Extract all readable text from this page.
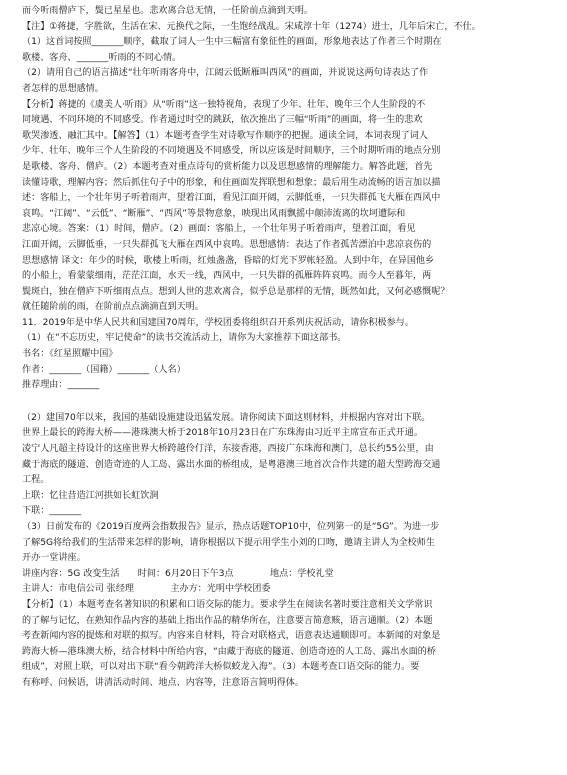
而今听雨僧庐下，鬓已星星也。悲欢离合总无情，一任阶前点滴到天明。

【注】①蒋捷，字胜欲，生活在宋、元换代之际，一生饱经战乱。宋咸淳十年（1274）进士，几年后宋亡，不仕。

（1）这首词按照_______顺序，截取了词人一生中三幅富有象征性的画面，形象地表达了作者三个时期在

歌楼、客舟、_______听雨的不同心情。

（2）请用自己的语言描述“壮年听雨客舟中，江阔云低断雁叫西风”的画面，并说说这两句诗表达了作

者怎样的思想感情。

【分析】蒋捷的《虞美人·听雨》从“听雨”这一独特视角，表现了少年、壮年、晚年三个人生阶段的不

同境遇、不同环境的不同感受。作者通过时空的跳跃，依次推出了三幅“听雨”的画面，将一生的悲欢

歌哭渗透、融汇其中。【解答】（1）本题考查学生对诗歌写作顺序的把握。通读全词，本词表现了词人

少年、壮年、晚年三个人生阶段的不同境遇及不同感受，所以应该是时间顺序，三个时期听雨的地点分别

是歌楼、客舟、僧庐。（2）本题考查对重点诗句的赏析能力以及思想感情的理解能力。解答此题，首先

读懂诗歌，理解内容；然后抓住句子中的形象，和住画面发挥联想和想象；最后用生动流畅的语言加以描

述：客船上，一个壮年男子听着雨声，望着江面，看见江面开阔，云脚低垂，一只失群孤飞大雁在西风中

哀鸣。“江阔”、“云低”、“断雁”、“西风”等景物意象，映现出风雨飘摇中颠沛流离的坎坷遭际和

悲凉心境。答案：（1）时间，僧庐。（2）画面：客船上，一个壮年男子听着雨声，望着江面，看见

江面开阔，云脚低垂，一只失群孤飞大雁在西风中哀鸣。思想感情：表达了作者孤苦漂泊中悲凉哀伤的

思想感情 译文：年少的时候，歌楼上听雨，红烛盏盏，昏暗的灯光下罗帐轻盈。人到中年，在异国他乡

的小船上，看蒙蒙细雨，茫茫江面，水天一线，西风中，一只失群的孤雁阵阵哀鸣。而今人至暮年，两

鬓斑白，独在僧庐下听细雨点点。想到人世的悲欢离合，似乎总是那样的无情，既然如此，又何必感慨呢？

就任随阶前的雨，在阶前点点滴滴直到天明。

11．2019年是中华人民共和国建国70周年，学校团委将组织召开系列庆祝活动，请你积极参与。

（1）在“不忘历史，牢记使命”的读书交流活动上，请你为大家推荐下面这部书。

书名：《红星照耀中国》

作者：_______（国籍）_______（人名）

推荐理由：_______

（2）建国70年以来，我国的基础设施建设迅猛发展。请你阅读下面这则材料，并根据内容对出下联。

世界上最长的跨海大桥——港珠澳大桥于2018年10月23日在广东珠海由习近平主席宣布正式开通。

凌宁人凡超主持设计的这座世界大桥跨越伶仃洋，东接香港，西接广东珠海和澳门，总长约55公里，由

藏于海底的隧道、创造奇迹的人工岛、露出水面的桥组成，是粤港澳三地首次合作共建的超大型跨海交通

工程。

上联：忆往昔造江河拱如长虹饮涧

下联：_______

（3）日前发布的《2019百度两会指数报告》显示，热点话题TOP10中，位列第一的是“5G”。为进一步

了解5G将给我们的生活带来怎样的影响，请你根据以下提示用学生小刘的口吻，邀请主讲人为全校师生

开办一堂讲座。

讲座内容：5G 改变生活　　时间：6月20日下午3点　　　　地点：学校礼堂

主讲人：市电信公司 张经理　　　　主办方：光明中学校团委

【分析】（1）本题考查名著知识的积累和口语交际的能力。要求学生在阅读名著时要注意相关文学常识

的了解与记忆，在熟知作品内容的基础上指出作品的精华所在，注意要言简意赅，语言通顺。（2）本题

考查新闻内容的提炼和对联的拟写。内容来自材料，符合对联格式，语意表达通顺即可。本新闻的对象是

跨海大桥—港珠澳大桥，结合材料中所给内容，“由藏于海底的隧道、创造奇迹的人工岛、露出水面的桥

组成”，对照上联，可以对出下联“看今朝跨洋大桥似蛟龙入海”。（3）本题考查口语交际的能力。要

有称呼、问候语，讲清活动时间、地点、内容等，注意语言简明得体。
